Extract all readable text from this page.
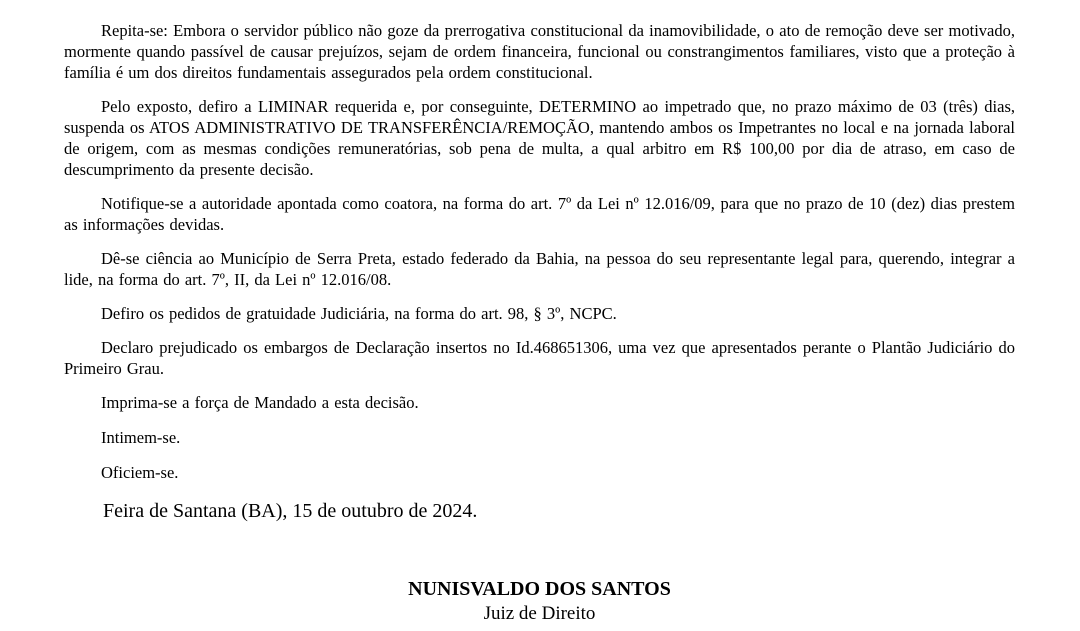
Repita-se: Embora o servidor público não goze da prerrogativa constitucional da inamovibilidade, o ato de remoção deve ser motivado, mormente quando passível de causar prejuízos, sejam de ordem financeira, funcional ou constrangimentos familiares, visto que a proteção à família é um dos direitos fundamentais assegurados pela ordem constitucional.

Pelo exposto, defiro a LIMINAR requerida e, por conseguinte, DETERMINO ao impetrado que, no prazo máximo de 03 (três) dias, suspenda os ATOS ADMINISTRATIVO DE TRANSFERÊNCIA/REMOÇÃO, mantendo ambos os Impetrantes no local e na jornada laboral de origem, com as mesmas condições remuneratórias, sob pena de multa, a qual arbitro em R$ 100,00 por dia de atraso, em caso de descumprimento da presente decisão.

Notifique-se a autoridade apontada como coatora, na forma do art. 7º da Lei nº 12.016/09, para que no prazo de 10 (dez) dias prestem as informações devidas.

Dê-se ciência ao Município de Serra Preta, estado federado da Bahia, na pessoa do seu representante legal para, querendo, integrar a lide, na forma do art. 7º, II, da Lei nº 12.016/08.

Defiro os pedidos de gratuidade Judiciária, na forma do art. 98, § 3º, NCPC.

Declaro prejudicado os embargos de Declaração insertos no Id.468651306, uma vez que apresentados perante o Plantão Judiciário do Primeiro Grau.

Imprima-se a força de Mandado a esta decisão.

Intimem-se.

Oficiem-se.

Feira de Santana (BA), 15 de outubro de 2024.

NUNISVALDO DOS SANTOS
Juiz de Direito
